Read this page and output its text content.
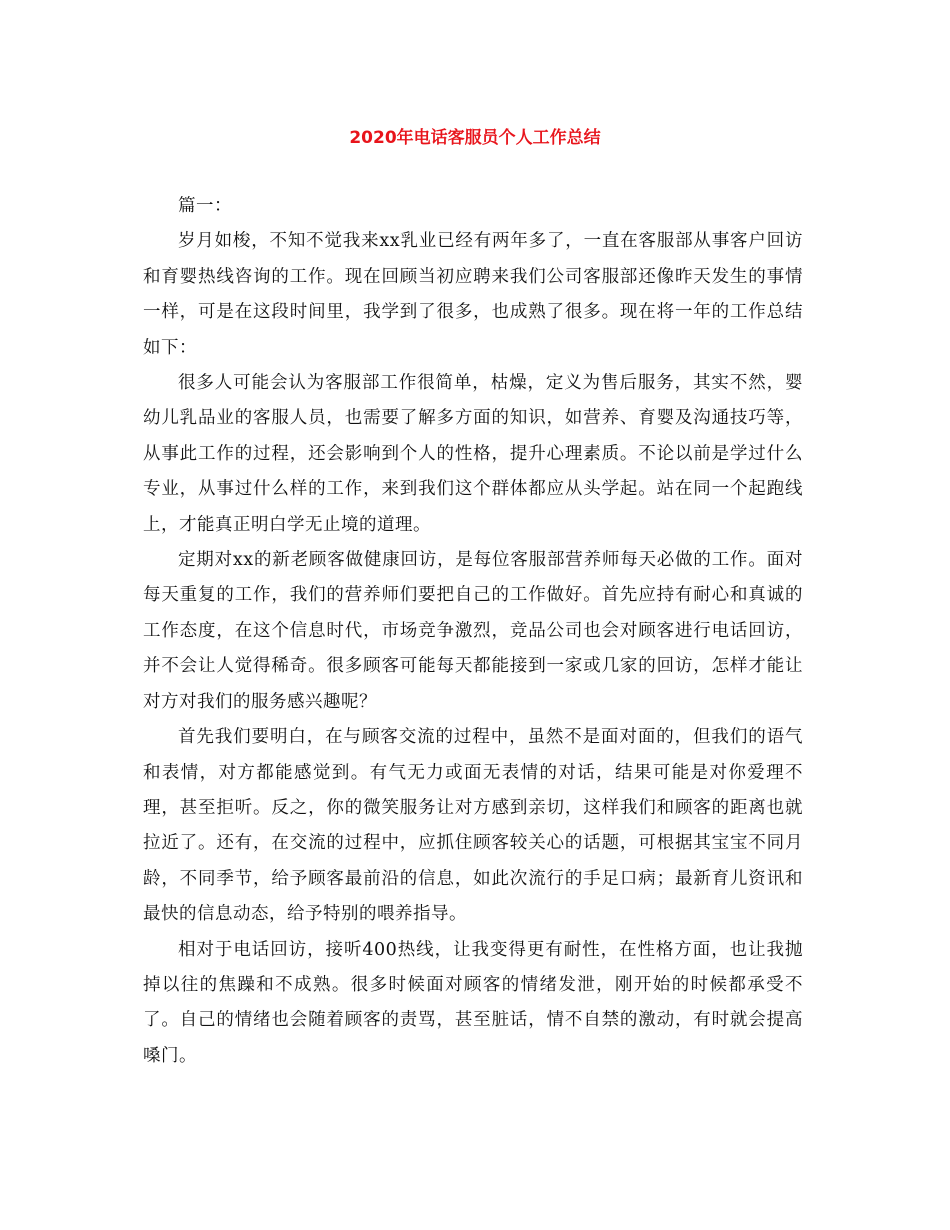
2020年电话客服员个人工作总结

篇一：

岁月如梭，不知不觉我来xx乳业已经有两年多了，一直在客服部从事客户回访和育婴热线咨询的工作。现在回顾当初应聘来我们公司客服部还像昨天发生的事情一样，可是在这段时间里，我学到了很多，也成熟了很多。现在将一年的工作总结如下：

很多人可能会认为客服部工作很简单，枯燥，定义为售后服务，其实不然，婴幼儿乳品业的客服人员，也需要了解多方面的知识，如营养、育婴及沟通技巧等，从事此工作的过程，还会影响到个人的性格，提升心理素质。不论以前是学过什么专业，从事过什么样的工作，来到我们这个群体都应从头学起。站在同一个起跑线上，才能真正明白学无止境的道理。

定期对xx的新老顾客做健康回访，是每位客服部营养师每天必做的工作。面对每天重复的工作，我们的营养师们要把自己的工作做好。首先应持有耐心和真诚的工作态度，在这个信息时代，市场竞争激烈，竞品公司也会对顾客进行电话回访，并不会让人觉得稀奇。很多顾客可能每天都能接到一家或几家的回访，怎样才能让对方对我们的服务感兴趣呢？

首先我们要明白，在与顾客交流的过程中，虽然不是面对面的，但我们的语气和表情，对方都能感觉到。有气无力或面无表情的对话，结果可能是对你爱理不理，甚至拒听。反之，你的微笑服务让对方感到亲切，这样我们和顾客的距离也就拉近了。还有，在交流的过程中，应抓住顾客较关心的话题，可根据其宝宝不同月龄，不同季节，给予顾客最前沿的信息，如此次流行的手足口病；最新育儿资讯和最快的信息动态，给予特别的喂养指导。

相对于电话回访，接听400热线，让我变得更有耐性，在性格方面，也让我抛掉以往的焦躁和不成熟。很多时候面对顾客的情绪发泄，刚开始的时候都承受不了。自己的情绪也会随着顾客的责骂，甚至脏话，情不自禁的激动，有时就会提高嗓门。
